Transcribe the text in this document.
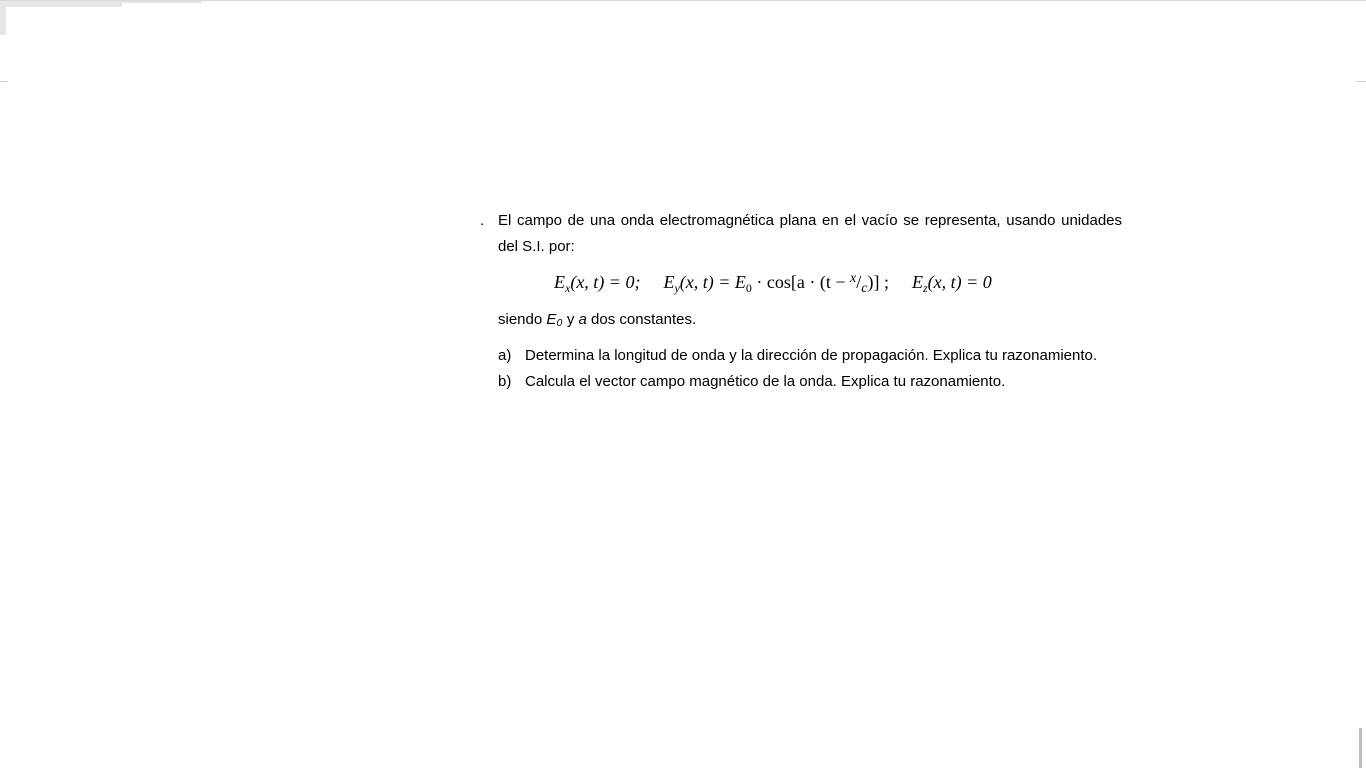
. El campo de una onda electromagnética plana en el vacío se representa, usando unidades del S.I. por:
$E_x(x$, t) = 0; $E_y(x$, $t) = E_0 \cdot \cos[a \cdot (t - ^x/_c)]$ ; $E_z(x$, t) = 0
siendo E₀ y a dos constantes.
a) Determina la longitud de onda y la dirección de propagación. Explica tu razonamiento.
b) Calcula el vector campo magnético de la onda. Explica tu razonamiento.
